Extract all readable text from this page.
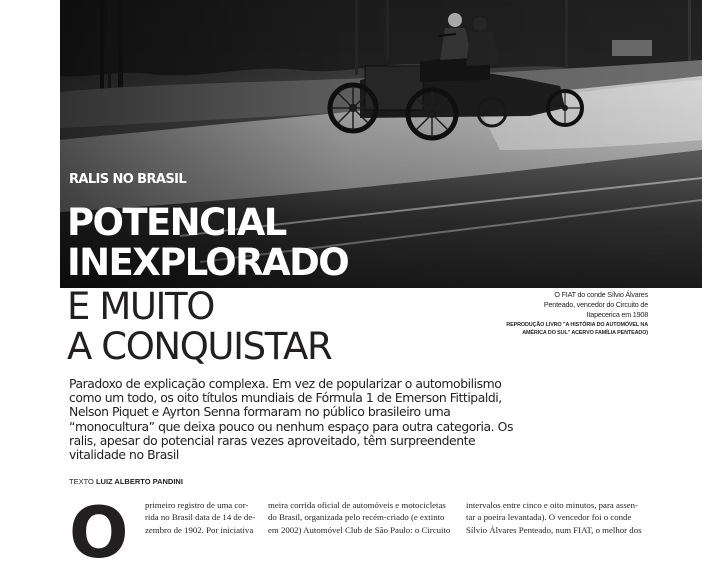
RALIS NO BRASIL
POTENCIAL
INEXPLORADO
E MUITO
A CONQUISTAR
O FIAT do conde Sílvio Álvares
Penteado, vencedor do Circuito de
Itapecerica em 1908
REPRODUÇÃO LIVRO "A HISTÓRIA DO AUTOMÓVEL NA
AMÉRICA DO SUL" ACERVO FAMÍLIA PENTEADO)

Paradoxo de explicação complexa. Em vez de popularizar o automobilismo como um todo, os oito títulos mundiais de Fórmula 1 de Emerson Fittipaldi, Nelson Piquet e Ayrton Senna formaram no público brasileiro uma “monocultura” que deixa pouco ou nenhum espaço para outra categoria. Os ralis, apesar do potencial raras vezes aproveitado, têm surpreendente vitalidade no Brasil

TEXTO LUIZ ALBERTO PANDINI
O primeiro registro de uma cor-
rida no Brasil data de 14 de de-
zembro de 1902. Por iniciativa

meira corrida oficial de automóveis e motocicletas
do Brasil, organizada pelo recém-criado (e extinto
em 2002) Automóvel Club de São Paulo: o Circuito

intervalos entre cinco e oito minutos, para assen-
tar a poeira levantada). O vencedor foi o conde
Sílvio Álvares Penteado, num FIAT, o melhor dos
